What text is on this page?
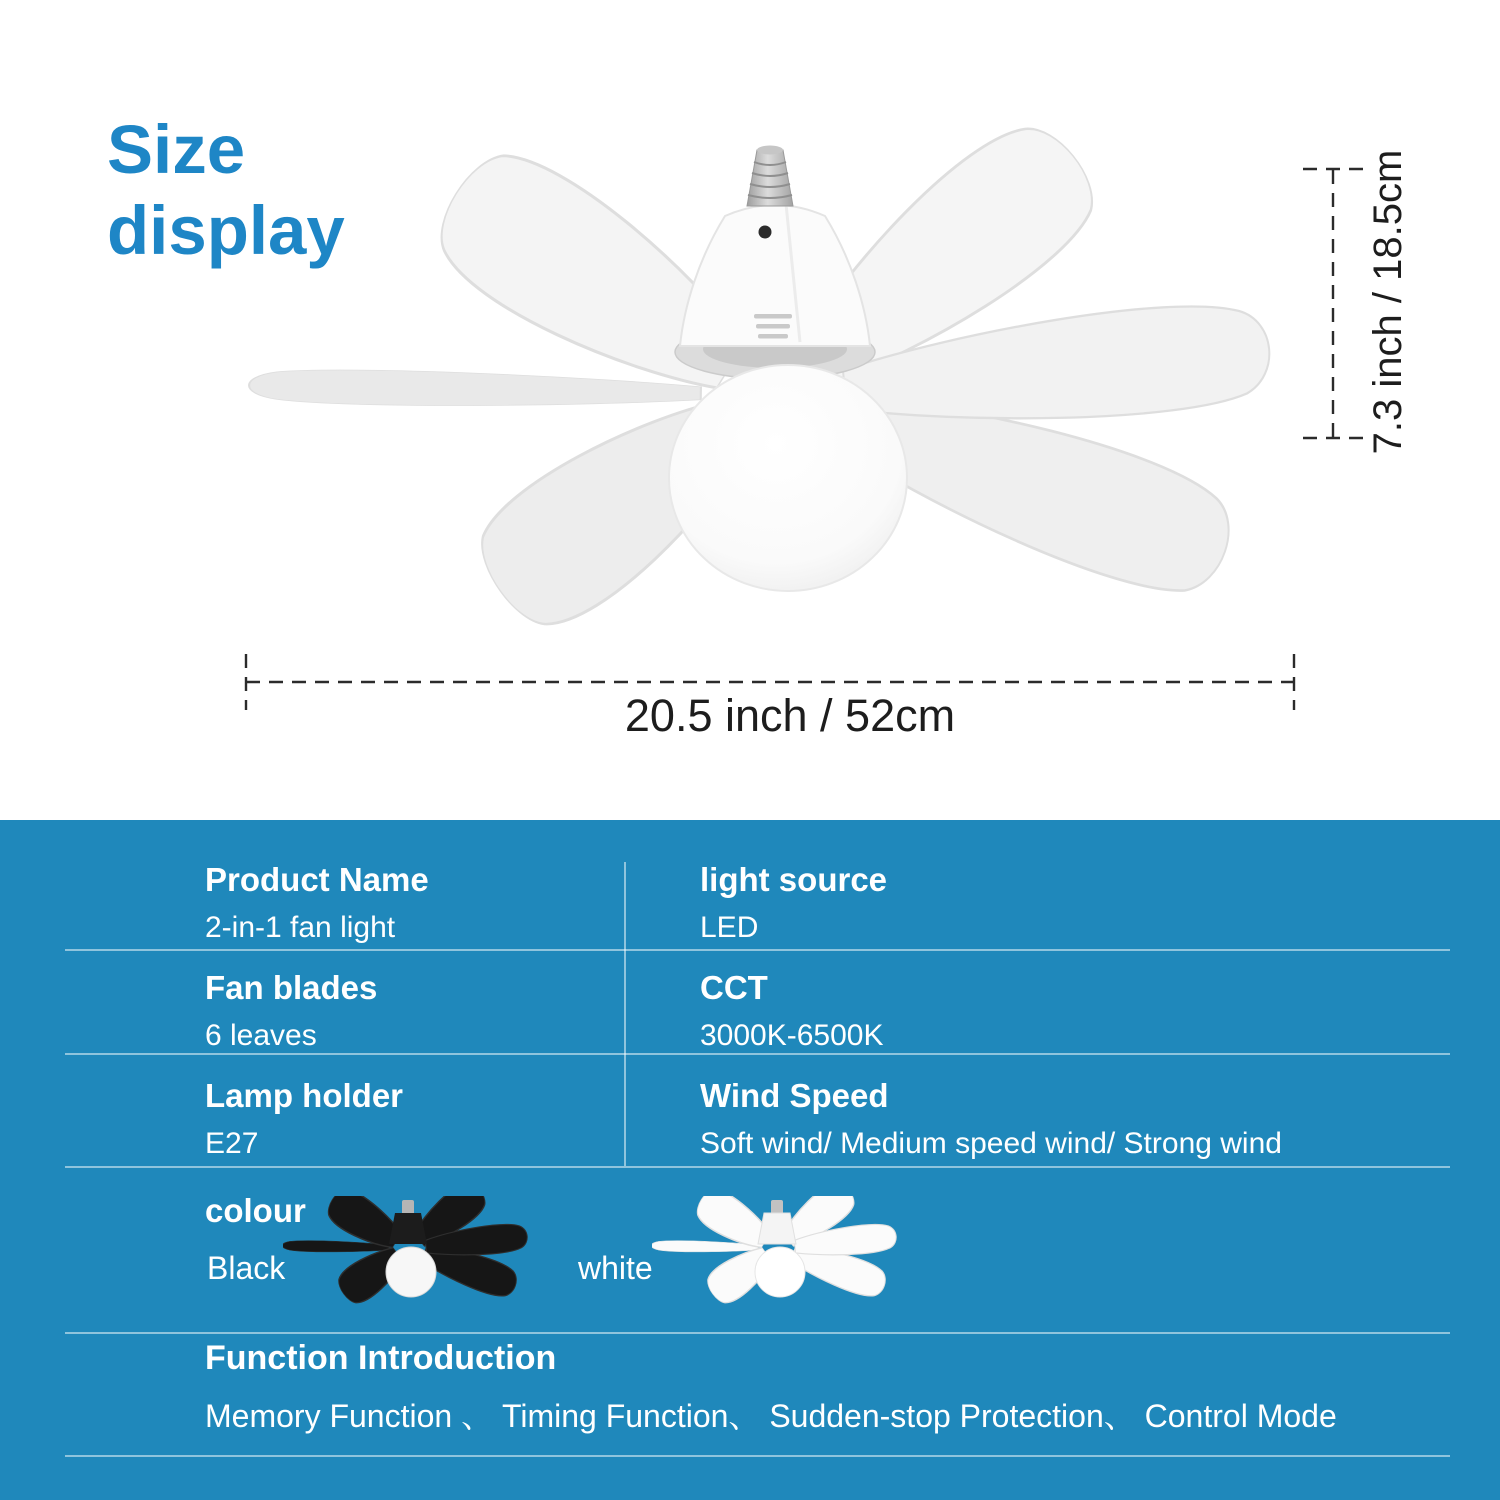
Size
display	7.3 inch / 18.5cm
20.5 inch / 52cm
Product Name

2-in-1 fan light

light source

LED

Fan blades

6 leaves

CCT

3000K-6500K

Lamp holder

E27

Wind Speed

Soft wind/ Medium speed wind/ Strong wind

colour
Black	white
Function Introduction

Memory Function 、 Timing Function、 Sudden-stop Protection、 Control Mode
